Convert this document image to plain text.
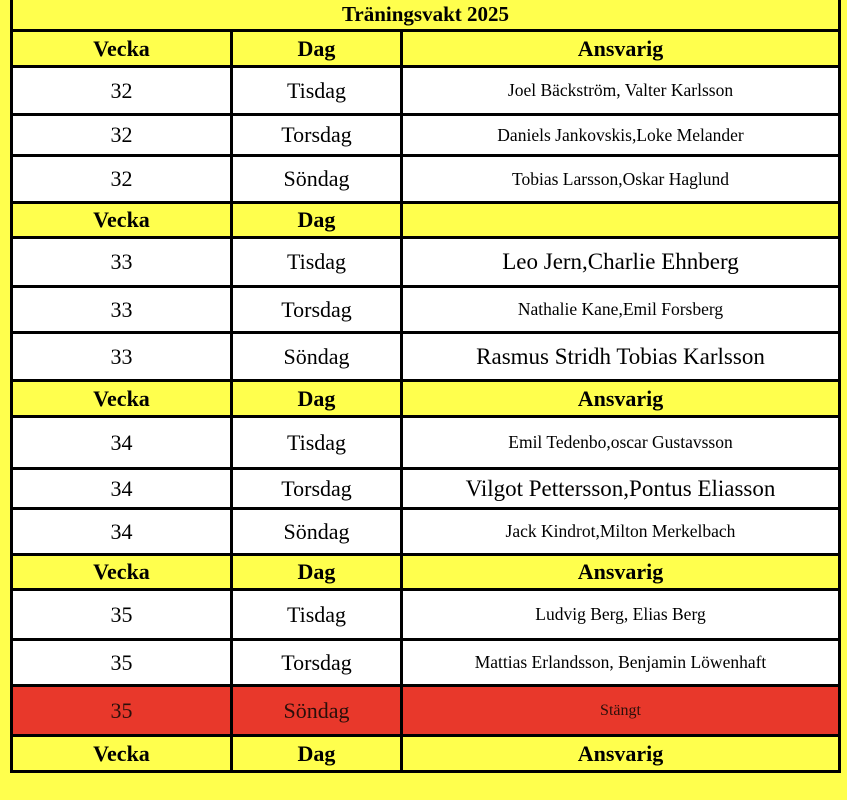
Träningsvakt 2025
Vecka	Dag	Ansvarig
32	Tisdag	Joel Bäckström, Valter Karlsson
32	Torsdag	Daniels Jankovskis,Loke Melander
32	Söndag	Tobias Larsson,Oskar Haglund
Vecka	Dag
33	Tisdag	Leo Jern,Charlie Ehnberg
33	Torsdag	Nathalie Kane,Emil Forsberg
33	Söndag	Rasmus Stridh Tobias Karlsson
Vecka	Dag	Ansvarig
34	Tisdag	Emil Tedenbo,oscar Gustavsson
34	Torsdag	Vilgot Pettersson,Pontus Eliasson
34	Söndag	Jack Kindrot,Milton Merkelbach
Vecka	Dag	Ansvarig
35	Tisdag	Ludvig Berg, Elias Berg
35	Torsdag	Mattias Erlandsson, Benjamin Löwenhaft
35	Söndag	Stängt
Vecka	Dag	Ansvarig
